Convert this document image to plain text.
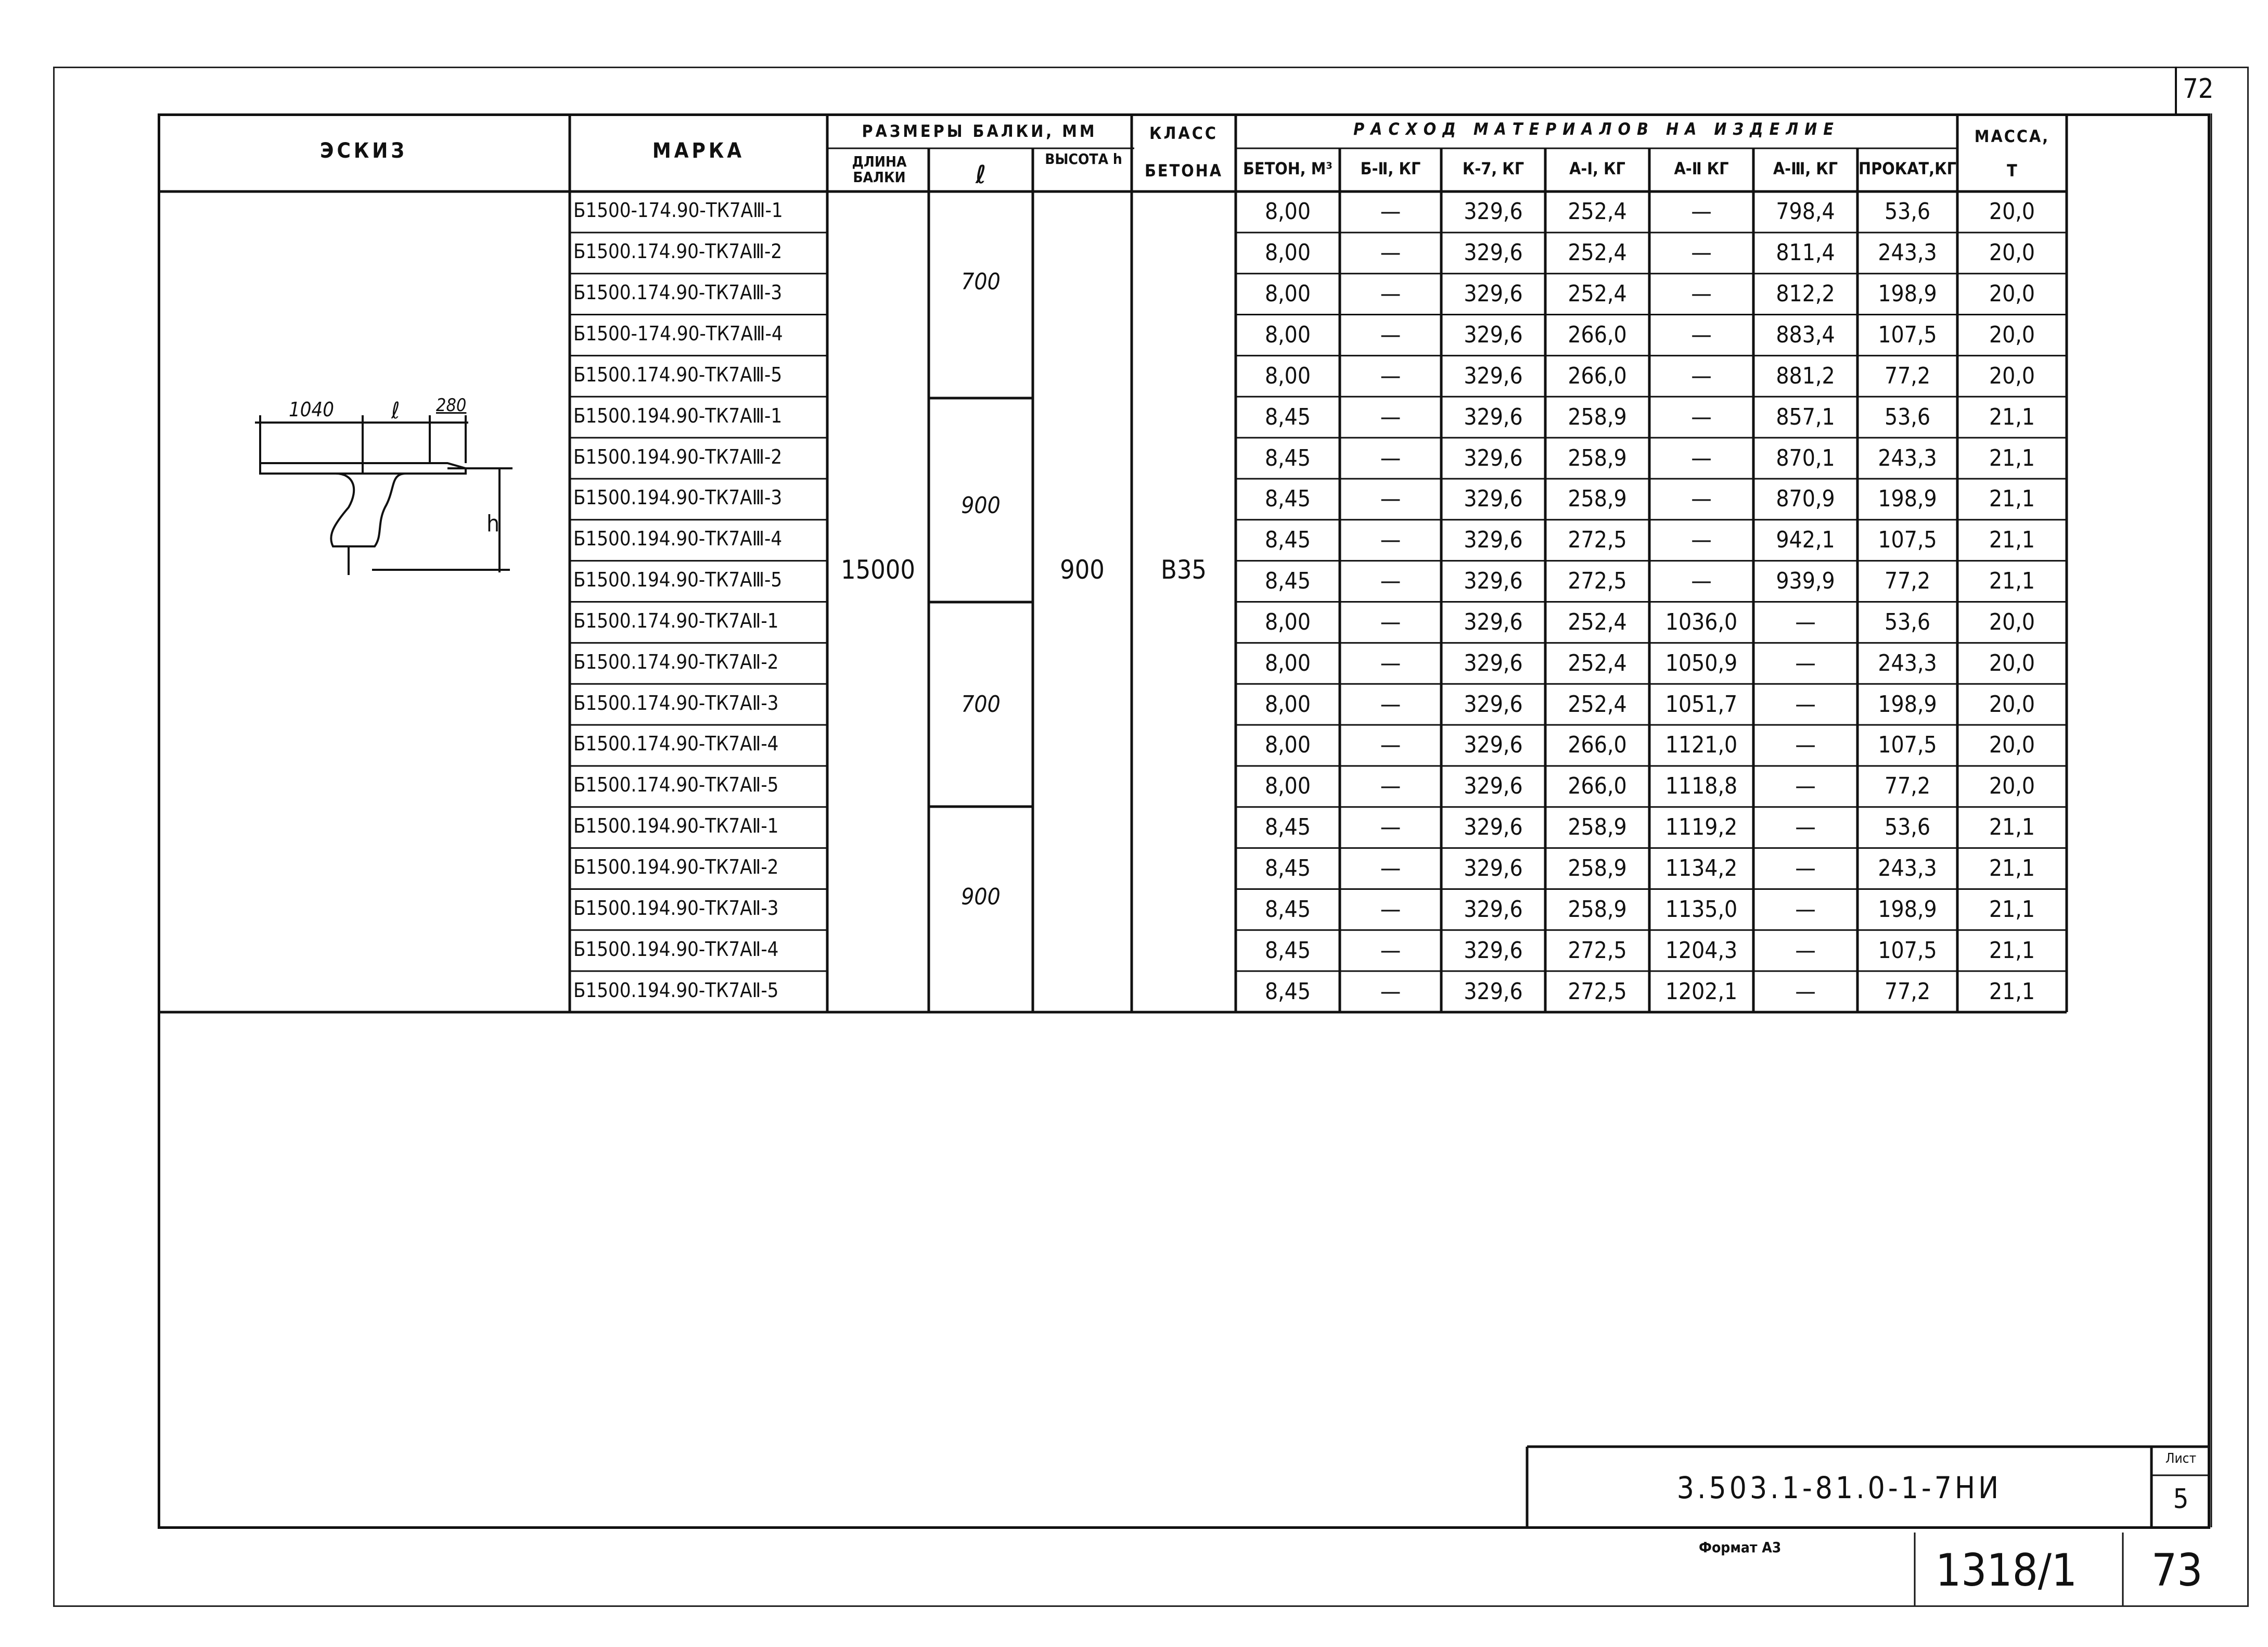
72
ЭСКИЗ	МАРКА
РАЗМЕРЫ БАЛКИ, ММ
ДЛИНА БАЛКИ	ℓ
ВЫСОТА h
КЛАСС
БЕТОНА
РАСХОД МАТЕРИАЛОВ НА ИЗДЕЛИЕ	МАССА,
Т
БЕТОН, М³	Б-Ⅱ, КГ	К-7, КГ	А-Ⅰ, КГ	А-Ⅱ КГ	А-Ⅲ, КГ	ПРОКАТ,КГ
1040	ℓ 280
h
15000	900	В35
700
900
700
900
Б1500-174.90-ТК7АⅢ-1	8,00	—	329,6	252,4	—	798,4	53,6	20,0
Б1500.174.90-ТК7АⅢ-2	8,00	—	329,6	252,4	—	811,4	243,3	20,0
Б1500.174.90-ТК7АⅢ-3	8,00	—	329,6	252,4	—	812,2	198,9	20,0
Б1500-174.90-ТК7АⅢ-4	8,00	—	329,6	266,0	—	883,4	107,5	20,0
Б1500.174.90-ТК7АⅢ-5	8,00	—	329,6	266,0	—	881,2	77,2	20,0
Б1500.194.90-ТК7АⅢ-1	8,45	—	329,6	258,9	—	857,1	53,6	21,1
Б1500.194.90-ТК7АⅢ-2	8,45	—	329,6	258,9	—	870,1	243,3	21,1
Б1500.194.90-ТК7АⅢ-3	8,45	—	329,6	258,9	—	870,9	198,9	21,1
Б1500.194.90-ТК7АⅢ-4	8,45	—	329,6	272,5	—	942,1	107,5	21,1
Б1500.194.90-ТК7АⅢ-5	8,45	—	329,6	272,5	—	939,9	77,2	21,1
Б1500.174.90-ТК7АⅡ-1	8,00	—	329,6	252,4	1036,0	—	53,6	20,0
Б1500.174.90-ТК7АⅡ-2	8,00	—	329,6	252,4	1050,9	—	243,3	20,0
Б1500.174.90-ТК7АⅡ-3	8,00	—	329,6	252,4	1051,7	—	198,9	20,0
Б1500.174.90-ТК7АⅡ-4	8,00	—	329,6	266,0	1121,0	—	107,5	20,0
Б1500.174.90-ТК7АⅡ-5	8,00	—	329,6	266,0	1118,8	—	77,2	20,0
Б1500.194.90-ТК7АⅡ-1	8,45	—	329,6	258,9	1119,2	—	53,6	21,1
Б1500.194.90-ТК7АⅡ-2	8,45	—	329,6	258,9	1134,2	—	243,3	21,1
Б1500.194.90-ТК7АⅡ-3	8,45	—	329,6	258,9	1135,0	—	198,9	21,1
Б1500.194.90-ТК7АⅡ-4	8,45	—	329,6	272,5	1204,3	—	107,5	21,1
Б1500.194.90-ТК7АⅡ-5	8,45	—	329,6	272,5	1202,1	—	77,2	21,1
3.503.1-81.0-1-7НИ
Лист
5
Формат А3	1318/1 73
